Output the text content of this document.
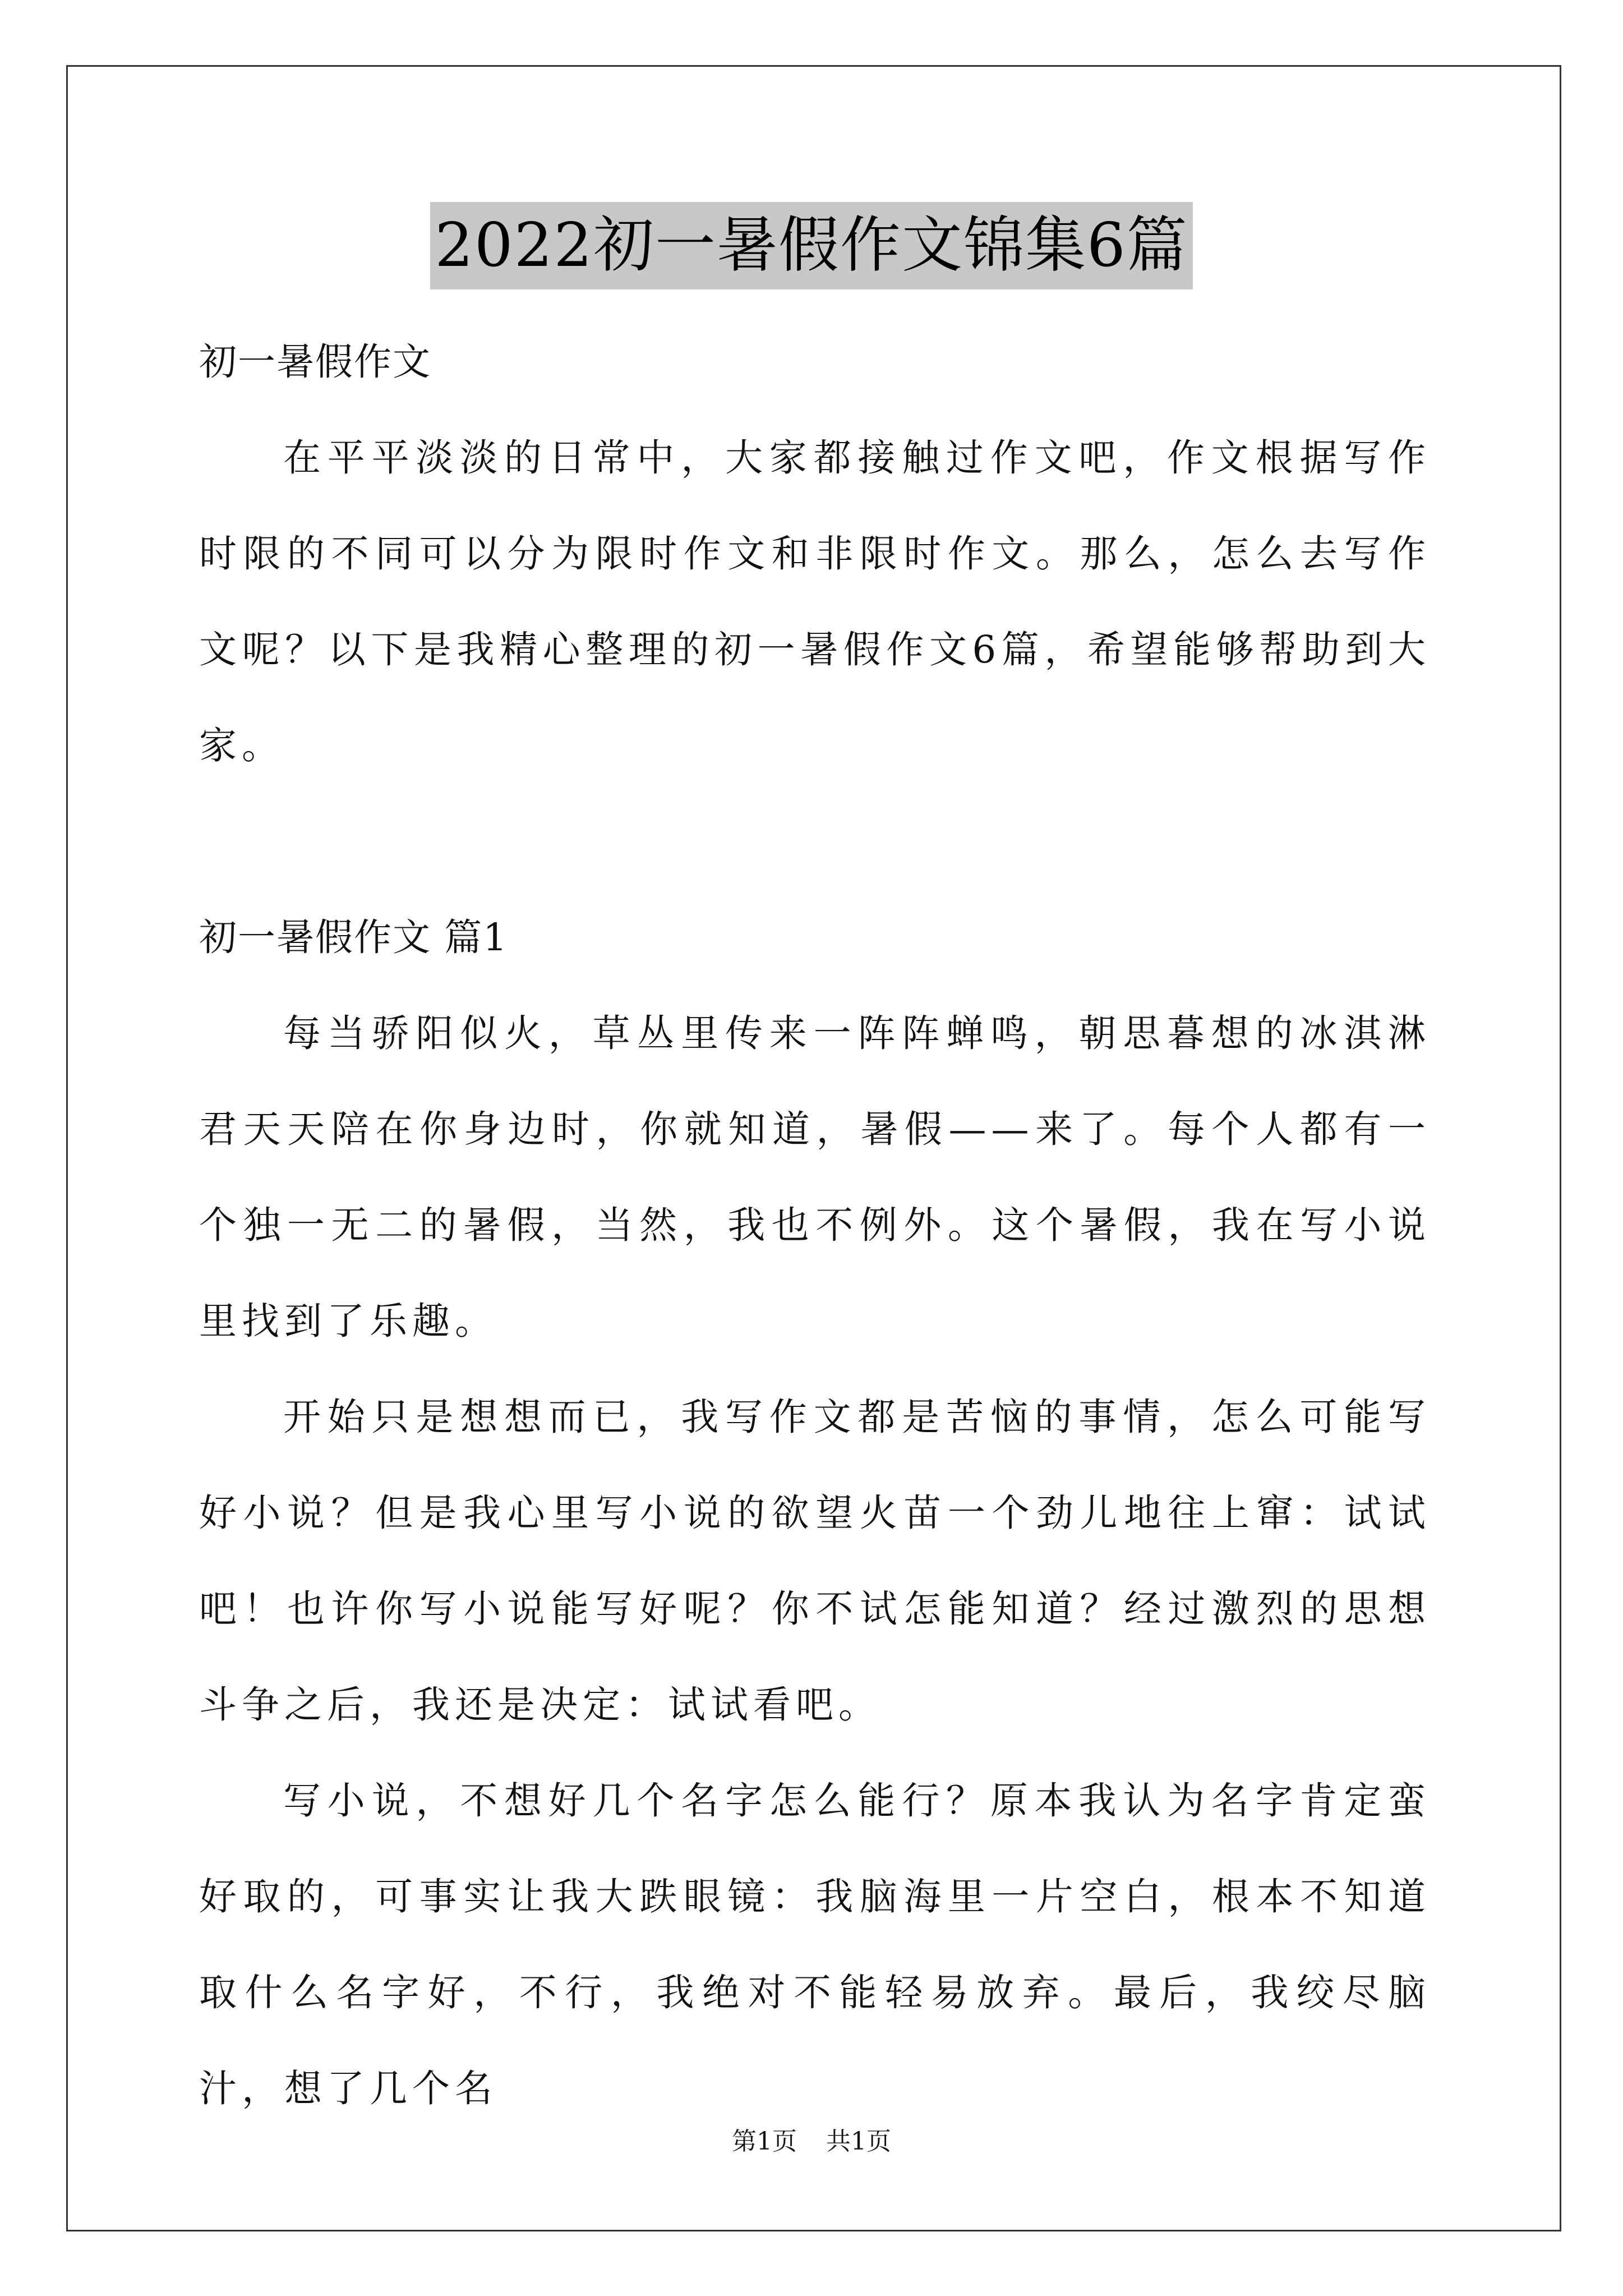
2022初一暑假作文锦集6篇

初一暑假作文

在平平淡淡的日常中，大家都接触过作文吧，作文根据写作时限的不同可以分为限时作文和非限时作文。那么，怎么去写作文呢？以下是我精心整理的初一暑假作文6篇，希望能够帮助到大家。

初一暑假作文 篇1

每当骄阳似火，草丛里传来一阵阵蝉鸣，朝思暮想的冰淇淋君天天陪在你身边时，你就知道，暑假——来了。每个人都有一个独一无二的暑假，当然，我也不例外。这个暑假，我在写小说里找到了乐趣。

开始只是想想而已，我写作文都是苦恼的事情，怎么可能写好小说？但是我心里写小说的欲望火苗一个劲儿地往上窜：试试吧！也许你写小说能写好呢？你不试怎能知道？经过激烈的思想斗争之后，我还是决定：试试看吧。

写小说，不想好几个名字怎么能行？原本我认为名字肯定蛮好取的，可事实让我大跌眼镜：我脑海里一片空白，根本不知道取什么名字好，不行，我绝对不能轻易放弃。最后，我绞尽脑汁，想了几个名

第1页 共1页
